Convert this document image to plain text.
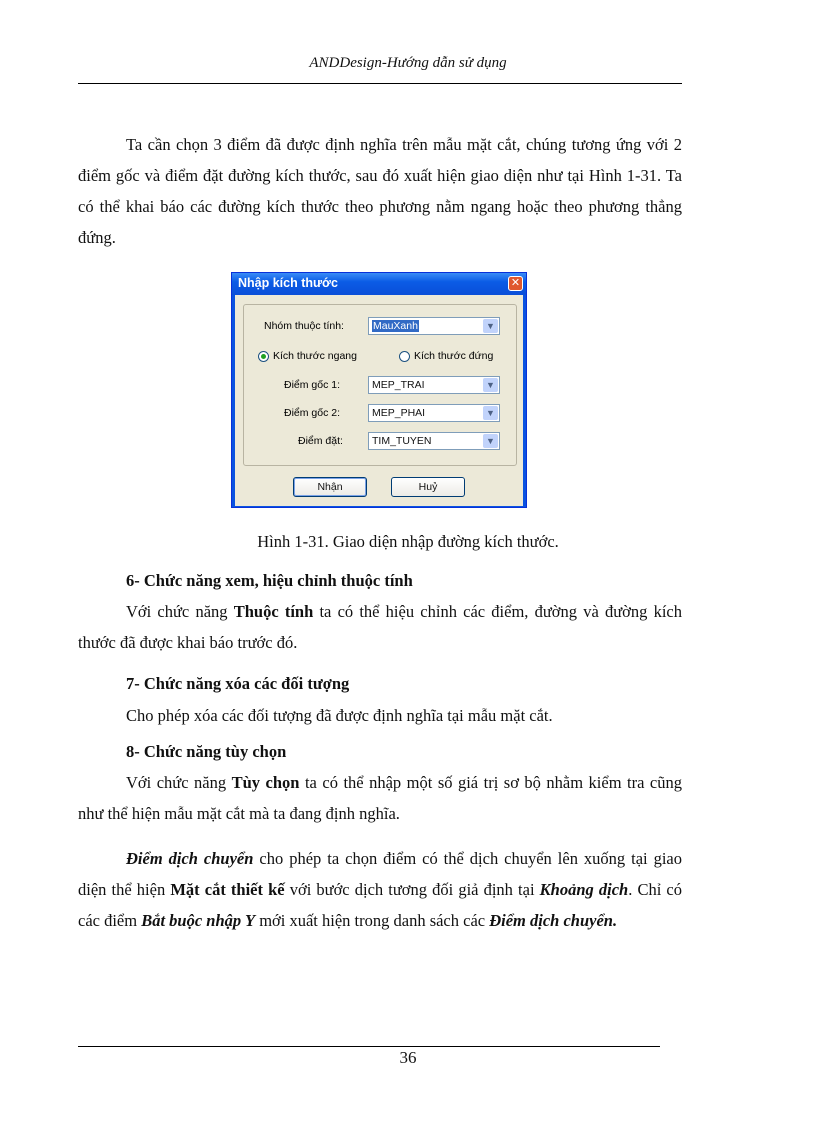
ANDDesign-Hướng dẫn sử dụng
Ta cần chọn 3 điểm đã được định nghĩa trên mẫu mặt cắt, chúng tương ứng với 2 điểm gốc và điểm đặt đường kích thước, sau đó xuất hiện giao diện như tại Hình 1-31. Ta có thể khai báo các đường kích thước theo phương nằm ngang hoặc theo phương thẳng đứng.
Nhập kích thước	✕
Nhóm thuộc tính:	MauXanh	▼
Kích thước ngang	Kích thước đứng
Điểm gốc 1:	MEP_TRAI	▼
Điểm gốc 2:	MEP_PHAI	▼
Điểm đặt:	TIM_TUYEN	▼
Nhận	Huỷ
Hình 1-31. Giao diện nhập đường kích thước.
6- Chức năng xem, hiệu chỉnh thuộc tính
Với chức năng Thuộc tính ta có thể hiệu chỉnh các điểm, đường và đường kích thước đã được khai báo trước đó.
7- Chức năng xóa các đối tượng
Cho phép xóa các đối tượng đã được định nghĩa tại mẫu mặt cắt.
8- Chức năng tùy chọn
Với chức năng Tùy chọn ta có thể nhập một số giá trị sơ bộ nhằm kiểm tra cũng như thể hiện mẫu mặt cắt mà ta đang định nghĩa.
Điểm dịch chuyển cho phép ta chọn điểm có thể dịch chuyển lên xuống tại giao diện thể hiện Mặt cắt thiết kế với bước dịch tương đối giả định tại Khoảng dịch. Chỉ có các điểm Bắt buộc nhập Y mới xuất hiện trong danh sách các Điểm dịch chuyển.
36
